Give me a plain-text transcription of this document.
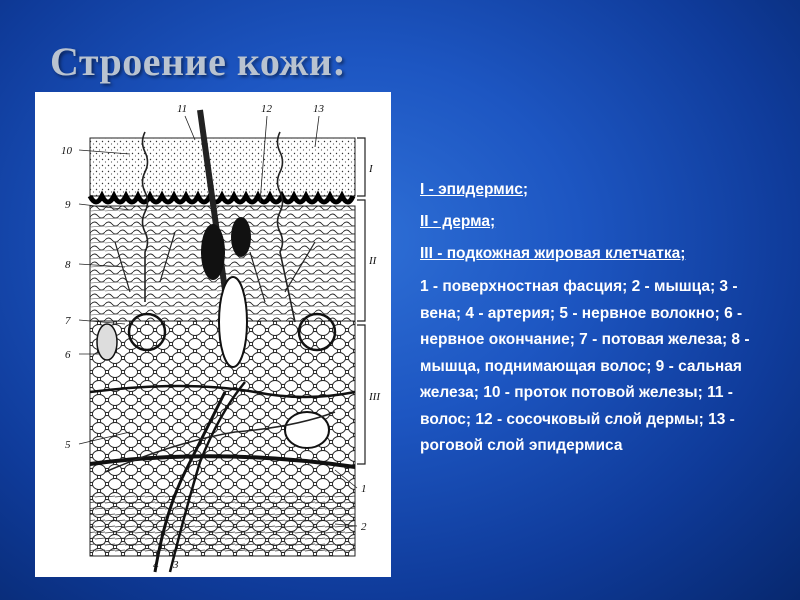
Строение кожи:
10
9
8
7
6
5
11	12	13
4 3
1
2
I
II
III
I - эпидермис;
II - дерма;
III - подкожная жировая клетчатка;
1 - поверхностная фасция; 2 - мышца; 3 - вена; 4 - артерия; 5 - нервное волокно; 6 - нервное окончание; 7 - потовая железа; 8 - мышца, поднимающая волос; 9 - сальная железа; 10 - проток потовой железы; 11 - волос; 12 - сосочковый слой дермы; 13 - роговой слой эпидермиса
